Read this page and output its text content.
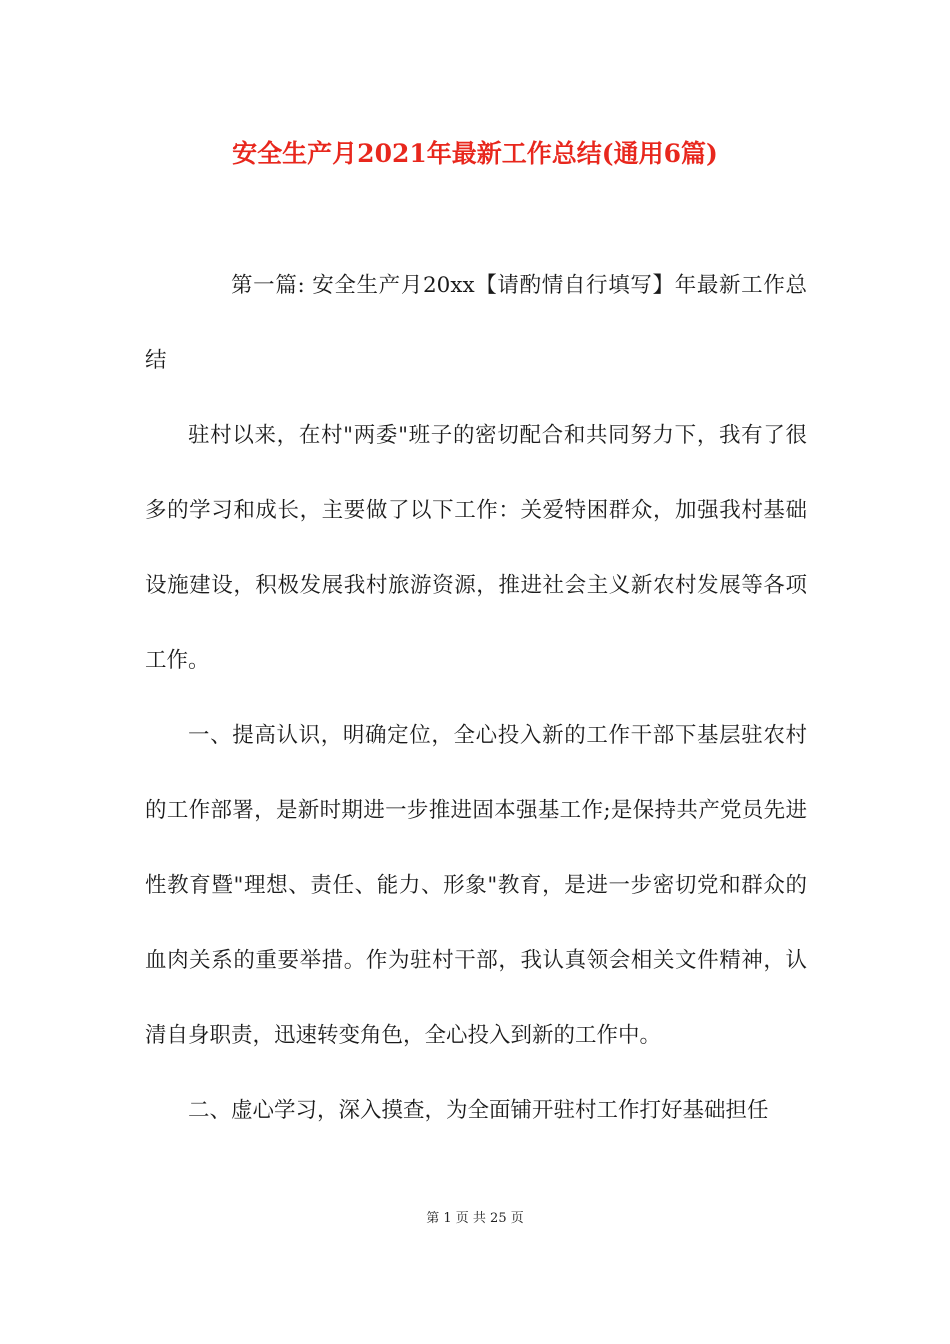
安全生产月2021年最新工作总结(通用6篇)

第一篇: 安全生产月20xx【请酌情自行填写】年最新工作总结

驻村以来，在村"两委"班子的密切配合和共同努力下，我有了很多的学习和成长，主要做了以下工作：关爱特困群众，加强我村基础设施建设，积极发展我村旅游资源，推进社会主义新农村发展等各项工作。

一、提高认识，明确定位，全心投入新的工作干部下基层驻农村的工作部署，是新时期进一步推进固本强基工作;是保持共产党员先进性教育暨"理想、责任、能力、形象"教育，是进一步密切党和群众的血肉关系的重要举措。作为驻村干部，我认真领会相关文件精神，认清自身职责，迅速转变角色，全心投入到新的工作中。

二、虚心学习，深入摸查，为全面铺开驻村工作打好基础担任

第 1 页 共 25 页
